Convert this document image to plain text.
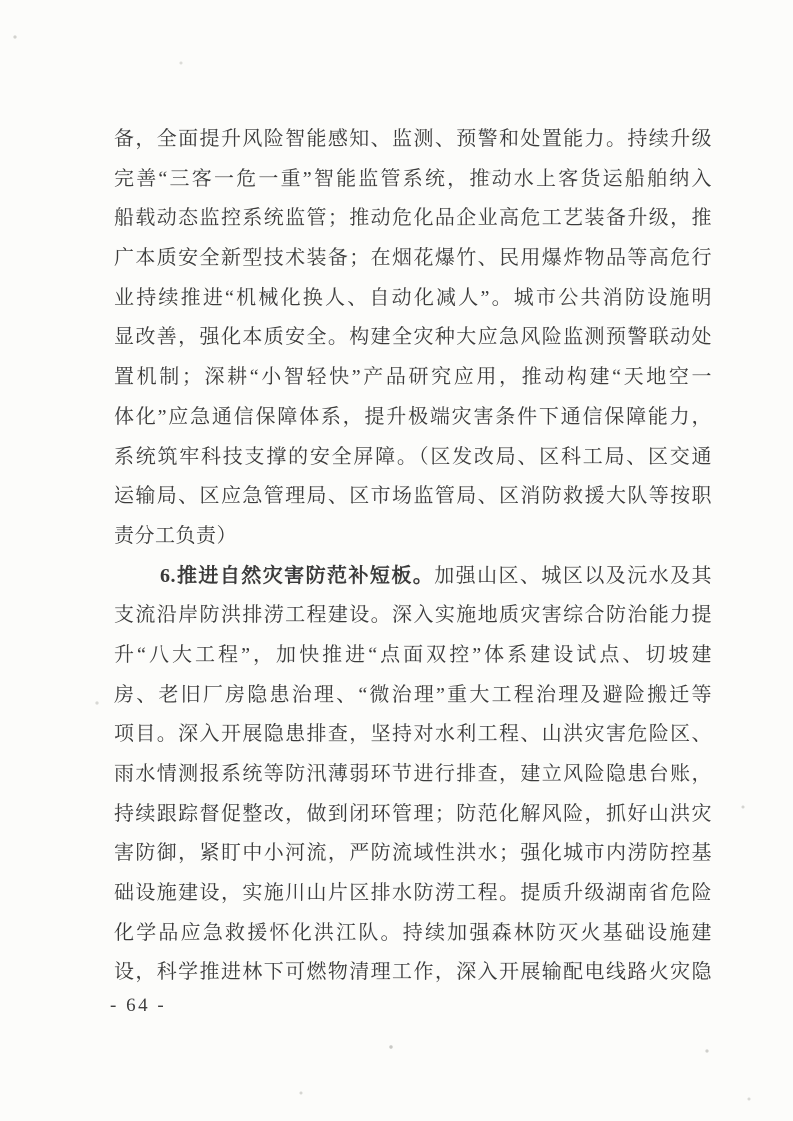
备，全面提升风险智能感知、监测、预警和处置能力。持续升级
完善“三客一危一重”智能监管系统，推动水上客货运船舶纳入
船载动态监控系统监管；推动危化品企业高危工艺装备升级，推
广本质安全新型技术装备；在烟花爆竹、民用爆炸物品等高危行
业持续推进“机械化换人、自动化减人”。城市公共消防设施明
显改善，强化本质安全。构建全灾种大应急风险监测预警联动处
置机制；深耕“小智轻快”产品研究应用，推动构建“天地空一
体化”应急通信保障体系，提升极端灾害条件下通信保障能力，
系统筑牢科技支撑的安全屏障。（区发改局、区科工局、区交通
运输局、区应急管理局、区市场监管局、区消防救援大队等按职
责分工负责）
6.推进自然灾害防范补短板。加强山区、城区以及沅水及其
支流沿岸防洪排涝工程建设。深入实施地质灾害综合防治能力提
升“八大工程”，加快推进“点面双控”体系建设试点、切坡建
房、老旧厂房隐患治理、“微治理”重大工程治理及避险搬迁等
项目。深入开展隐患排查，坚持对水利工程、山洪灾害危险区、
雨水情测报系统等防汛薄弱环节进行排查，建立风险隐患台账，
持续跟踪督促整改，做到闭环管理；防范化解风险，抓好山洪灾
害防御，紧盯中小河流，严防流域性洪水；强化城市内涝防控基
础设施建设，实施川山片区排水防涝工程。提质升级湖南省危险
化学品应急救援怀化洪江队。持续加强森林防灭火基础设施建
设，科学推进林下可燃物清理工作，深入开展输配电线路火灾隐
- 64 -
